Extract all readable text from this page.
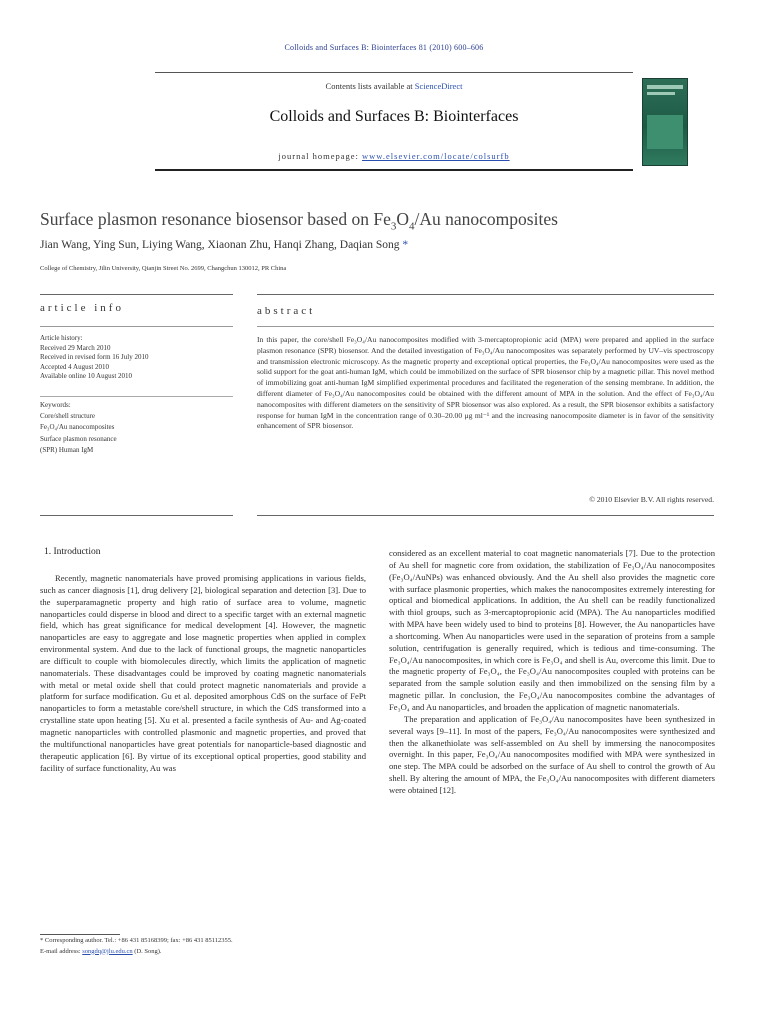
Colloids and Surfaces B: Biointerfaces 81 (2010) 600–606
Contents lists available at ScienceDirect
Colloids and Surfaces B: Biointerfaces
journal homepage: www.elsevier.com/locate/colsurfb
Surface plasmon resonance biosensor based on $Fe_3O_4/Au$ nanocomposites
Jian Wang, Ying Sun, Liying Wang, Xiaonan Zhu, Hanqi Zhang, Daqian Song *
College of Chemistry, Jilin University, Qianjin Street No. 2699, Changchun 130012, PR China
article info	abstract
Article history:
Received 29 March 2010
Received in revised form 16 July 2010
Accepted 4 August 2010
Available online 10 August 2010
Keywords:
Core/shell structure
Fe₃O₄/Au nanocomposites
Surface plasmon resonance
(SPR) Human IgM
In this paper, the core/shell Fe₃O₄/Au nanocomposites modified with 3-mercaptopropionic acid (MPA) were prepared and applied in the surface plasmon resonance (SPR) biosensor. And the detailed investigation of Fe₃O₄/Au nanocomposites was separately performed by UV–vis spectroscopy and transmission electronic microscopy. As the magnetic property and exceptional optical properties, the Fe₃O₄/Au nanocomposites were used as the solid support for the goat anti-human IgM, which could be immobilized on the surface of SPR biosensor chip by a magnetic pillar. This novel method of immobilizing goat anti-human IgM simplified experimental procedures and facilitated the regeneration of the sensing membrane. In addition, the different diameter of Fe₃O₄/Au nanocomposites could be obtained with the different amount of MPA in the solution. And the effect of Fe₃O₄/Au nanocomposites with different diameters on the sensitivity of SPR biosensor was also explored. As a result, the SPR biosensor exhibits a satisfactory response for human IgM in the concentration range of 0.30–20.00 μg ml⁻¹ and the increasing nanocomposite diameter is in favor of the sensitivity enhancement of SPR biosensor.
© 2010 Elsevier B.V. All rights reserved.
1. Introduction
Recently, magnetic nanomaterials have proved promising applications in various fields, such as cancer diagnosis [1], drug delivery [2], biological separation and detection [3]. Due to the superparamagnetic property and high ratio of surface area to volume, magnetic nanoparticles could disperse in blood and direct to a specific target with an external magnetic field, which has great significance for medical development [4]. However, the magnetic nanoparticles are easy to aggregate and lose magnetic properties when applied in complex environmental system. And due to the lack of functional groups, the magnetic nanoparticles are difficult to couple with biomolecules directly, which limits the application of magnetic nanomaterials. These disadvantages could be improved by coating magnetic nanomaterials with metal or metal oxide shell that could protect magnetic nanomaterials and provide a platform for surface modification. Gu et al. deposited amorphous CdS on the surface of FePt nanoparticles to form a metastable core/shell structure, in which the CdS transformed into a crystalline state upon heating [5]. Xu et al. presented a facile synthesis of Au- and Ag-coated magnetic nanoparticles with controlled plasmonic and magnetic properties, and proved that the multifunctional nanoparticles have great potentials for nanoparticle-based diagnostic and therapeutic application [6]. By virtue of its exceptional optical properties, good stability and facility of surface functionality, Au was

considered as an excellent material to coat magnetic nanomaterials [7]. Due to the protection of Au shell for magnetic core from oxidation, the stabilization of Fe₃O₄/Au nanocomposites (Fe₃O₄/AuNPs) was enhanced obviously. And the Au shell also provides the magnetic core with surface plasmonic properties, which makes the nanocomposites extremely interesting for optical and biomedical applications. In addition, the Au shell can be readily functionalized with thiol groups, such as 3-mercaptopropionic acid (MPA). The Au nanoparticles modified with MPA have been widely used to bind to proteins [8]. However, the Au nanoparticles have a shortcoming. When Au nanoparticles were used in the separation of proteins from a sample solution, centrifugation is generally required, which is tedious and time-consuming. The Fe₃O₄/Au nanocomposites, in which core is Fe₃O₄ and shell is Au, overcome this limit. Due to the magnetic property of Fe₃O₄, the Fe₃O₄/Au nanocomposites coupled with proteins can be separated from the sample solution easily and then immobilized on the sensing film by a magnetic pillar. In conclusion, the Fe₃O₄/Au nanocomposites combine the advantages of Fe₃O₄ and Au nanoparticles, and broaden the application of magnetic nanomaterials.

The preparation and application of Fe₃O₄/Au nanocomposites have been synthesized in several ways [9–11]. In most of the papers, Fe₃O₄/Au nanocomposites were synthesized and then the alkanethiolate was self-assembled on Au shell by immersing the nanocomposites overnight. In this paper, Fe₃O₄/Au nanocomposites modified with MPA were synthesized in one step. The MPA could be adsorbed on the surface of Au shell to control the growth of Au shell. By altering the amount of MPA, the Fe₃O₄/Au nanocomposites with different diameters were obtained [12].

* Corresponding author. Tel.: +86 431 85168399; fax: +86 431 85112355.
E-mail address: songdq@jlu.edu.cn (D. Song).
